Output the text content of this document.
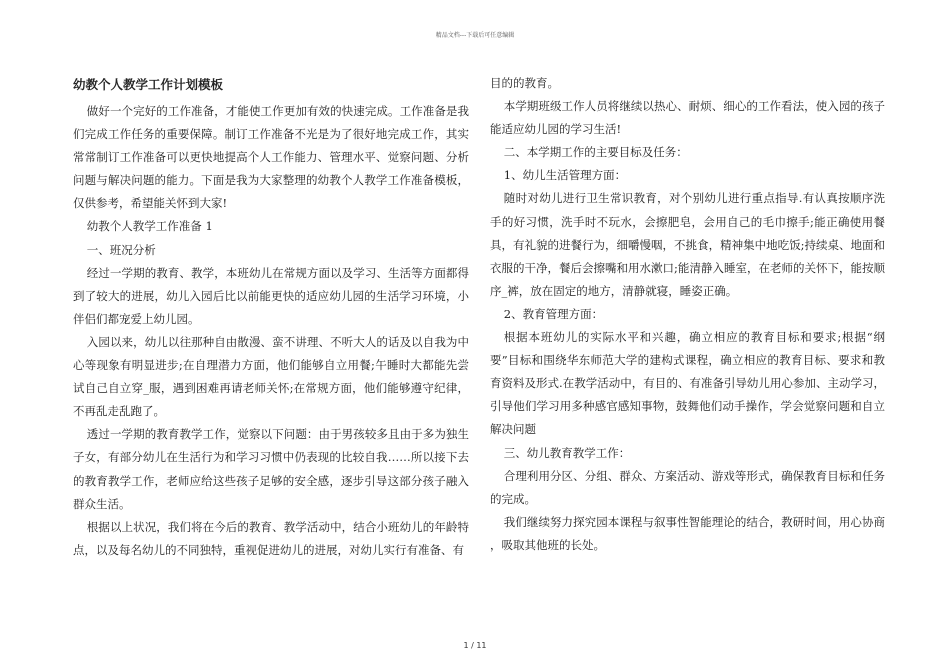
精品文档---下载后可任意编辑
幼教个人教学工作计划模板

做好一个完好的工作准备，才能使工作更加有效的快速完成。工作准备是我们完成工作任务的重要保障。制订工作准备不光是为了很好地完成工作，其实常常制订工作准备可以更快地提高个人工作能力、管理水平、觉察问题、分析问题与解决问题的能力。下面是我为大家整理的幼教个人教学工作准备模板，仅供参考，希望能关怀到大家!

幼教个人教学工作准备 1

一、班况分析

经过一学期的教育、教学，本班幼儿在常规方面以及学习、生活等方面都得到了较大的进展，幼儿入园后比以前能更快的适应幼儿园的生活学习环境，小伴侣们都宠爱上幼儿园。

入园以来，幼儿以往那种自由散漫、蛮不讲理、不听大人的话及以自我为中心等现象有明显进步;在自理潜力方面，他们能够自立用餐;午睡时大都能先尝试自己自立穿_服，遇到困难再请老师关怀;在常规方面，他们能够遵守纪律，不再乱走乱跑了。

透过一学期的教育教学工作，觉察以下问题：由于男孩较多且由于多为独生子女，有部分幼儿在生活行为和学习习惯中仍表现的比较自我……所以接下去的教育教学工作，老师应给这些孩子足够的安全感，逐步引导这部分孩子融入群众生活。

根据以上状况，我们将在今后的教育、教学活动中，结合小班幼儿的年龄特点，以及每名幼儿的不同独特，重视促进幼儿的进展，对幼儿实行有准备、有

目的的教育。

本学期班级工作人员将继续以热心、耐烦、细心的工作看法，使入园的孩子能适应幼儿园的学习生活!

二、本学期工作的主要目标及任务：

1、幼儿生活管理方面：

随时对幼儿进行卫生常识教育，对个别幼儿进行重点指导.有认真按顺序洗手的好习惯，洗手时不玩水，会擦肥皂，会用自己的毛巾擦手;能正确使用餐具，有礼貌的进餐行为，细嚼慢咽，不挑食，精神集中地吃饭;持续桌、地面和衣服的干净，餐后会擦嘴和用水漱口;能清静入睡室，在老师的关怀下，能按顺序_裤，放在固定的地方，清静就寝，睡姿正确。

2、教育管理方面：

根据本班幼儿的实际水平和兴趣，确立相应的教育目标和要求;根据“纲要”目标和围绕华东师范大学的建构式课程，确立相应的教育目标、要求和教育资料及形式.在教学活动中，有目的、有准备引导幼儿用心参加、主动学习，引导他们学习用多种感官感知事物，鼓舞他们动手操作，学会觉察问题和自立解决问题

三、幼儿教育教学工作：

合理利用分区、分组、群众、方案活动、游戏等形式，确保教育目标和任务的完成。

我们继续努力探究园本课程与叙事性智能理论的结合，教研时间，用心协商 ，吸取其他班的长处。

1 / 11
